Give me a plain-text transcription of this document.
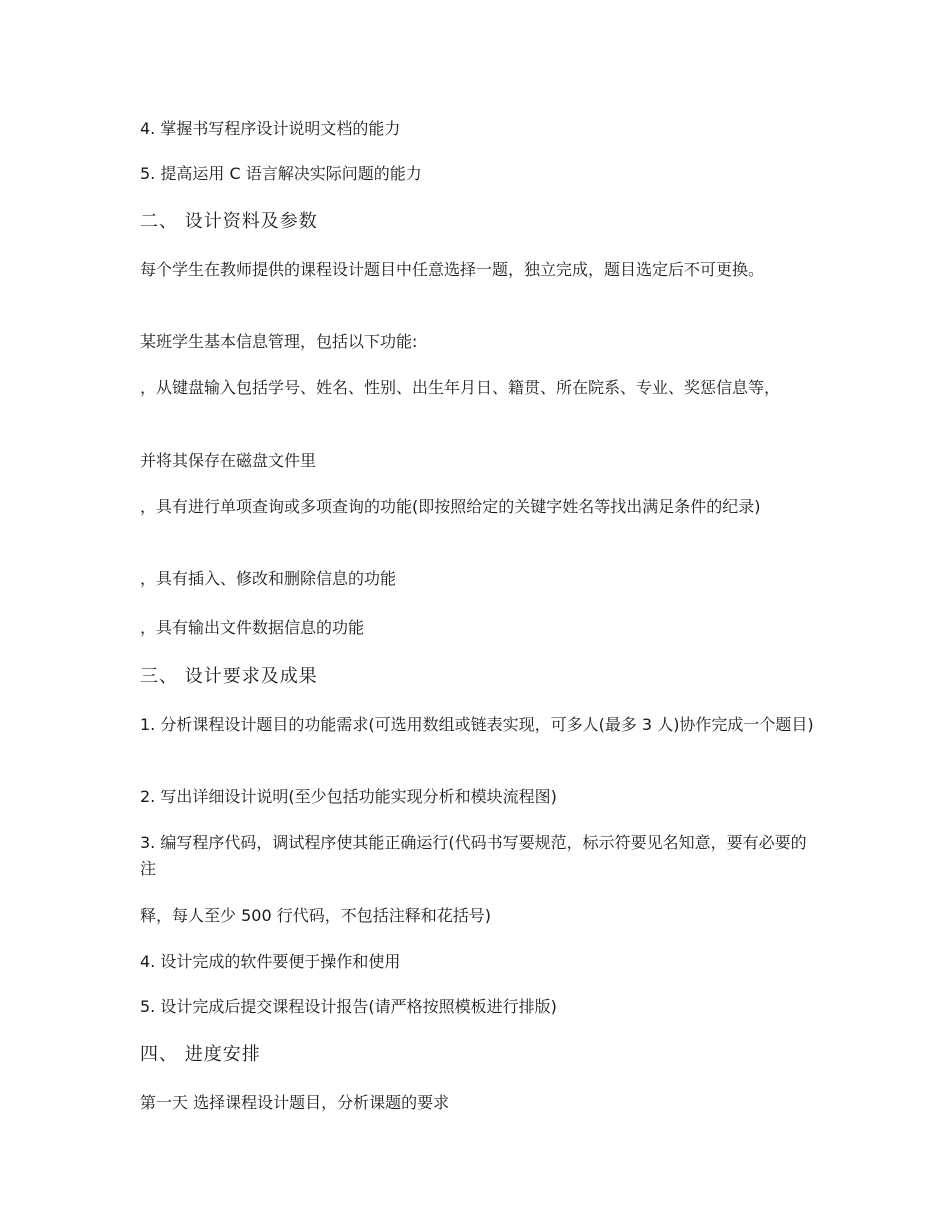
4. 掌握书写程序设计说明文档的能力
5. 提高运用 C 语言解决实际问题的能力
二、 设计资料及参数
每个学生在教师提供的课程设计题目中任意选择一题，独立完成，题目选定后不可更换。
某班学生基本信息管理，包括以下功能:
，从键盘输入包括学号、姓名、性别、出生年月日、籍贯、所在院系、专业、奖惩信息等，
并将其保存在磁盘文件里
，具有进行单项查询或多项查询的功能(即按照给定的关键字姓名等找出满足条件的纪录)
，具有插入、修改和删除信息的功能
，具有输出文件数据信息的功能
三、 设计要求及成果
1. 分析课程设计题目的功能需求(可选用数组或链表实现，可多人(最多 3 人)协作完成一个题目)
2. 写出详细设计说明(至少包括功能实现分析和模块流程图)
3. 编写程序代码，调试程序使其能正确运行(代码书写要规范，标示符要见名知意，要有必要的注
释，每人至少 500 行代码，不包括注释和花括号)
4. 设计完成的软件要便于操作和使用
5. 设计完成后提交课程设计报告(请严格按照模板进行排版)
四、 进度安排
第一天 选择课程设计题目，分析课题的要求
